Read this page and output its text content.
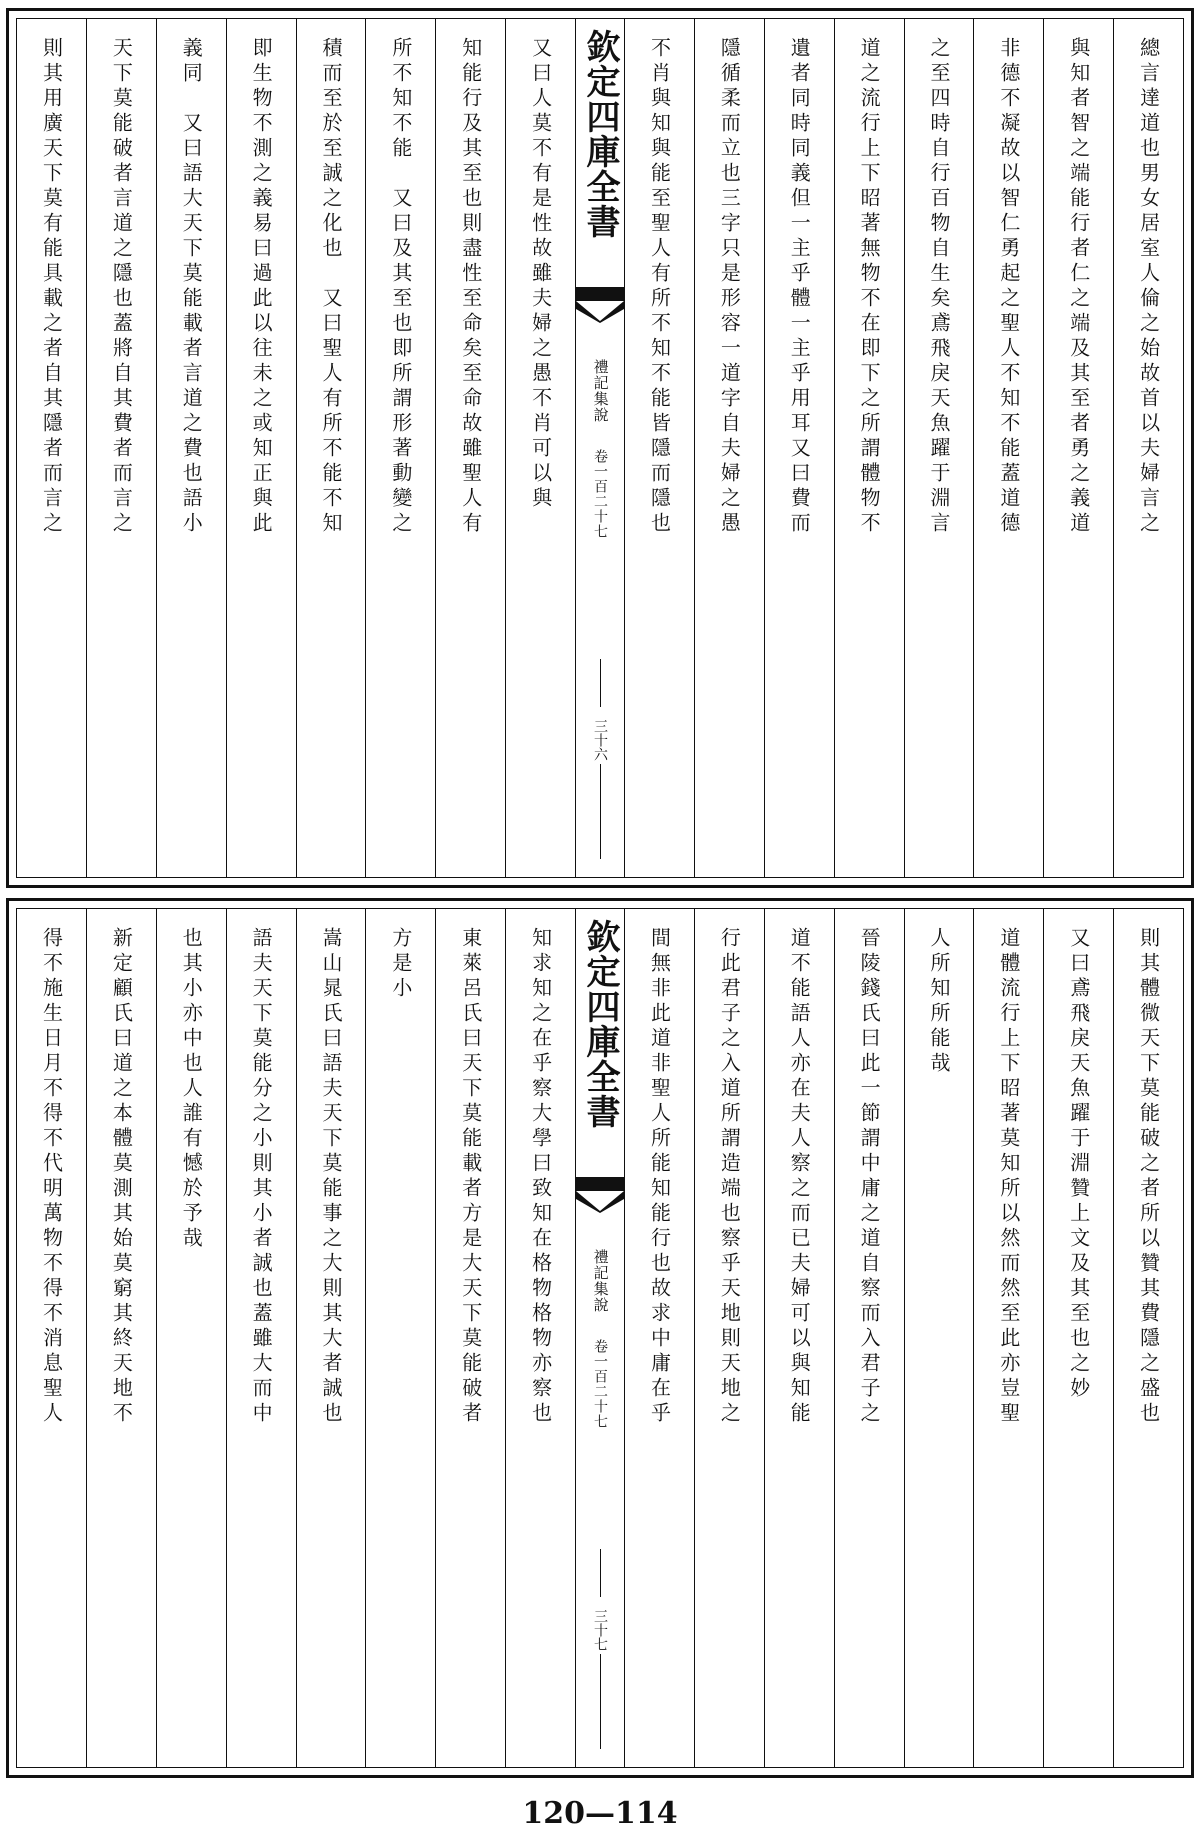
總言達道也男女居室人倫之始故首以夫婦言之
與知者智之端能行者仁之端及其至者勇之義道
非德不凝故以智仁勇起之聖人不知不能蓋道德
之至四時自行百物自生矣鳶飛戾天魚躍于淵言
道之流行上下昭著無物不在即下之所謂體物不
遺者同時同義但一主乎體一主乎用耳又曰費而
隱循柔而立也三字只是形容一道字自夫婦之愚
不肖與知與能至聖人有所不知不能皆隱而隱也
欽定四庫全書
禮記集說
卷一百二十七
三十六
又曰人莫不有是性故雖夫婦之愚不肖可以與
知能行及其至也則盡性至命矣至命故雖聖人有
所不知不能　又曰及其至也即所謂形著動變之
積而至於至誠之化也　又曰聖人有所不能不知
即生物不測之義易曰過此以往未之或知正與此
義同　又曰語大天下莫能載者言道之費也語小
天下莫能破者言道之隱也蓋將自其費者而言之
則其用廣天下莫有能具載之者自其隱者而言之
則其體微天下莫能破之者所以贊其費隱之盛也
又曰鳶飛戾天魚躍于淵贊上文及其至也之妙
道體流行上下昭著莫知所以然而然至此亦豈聖
人所知所能哉
晉陵錢氏曰此一節謂中庸之道自察而入君子之
道不能語人亦在夫人察之而已夫婦可以與知能
行此君子之入道所謂造端也察乎天地則天地之
間無非此道非聖人所能知能行也故求中庸在乎
欽定四庫全書
禮記集說
卷一百二十七
三十七
知求知之在乎察大學曰致知在格物格物亦察也
東萊呂氏曰天下莫能載者方是大天下莫能破者
方是小
嵩山晁氏曰語夫天下莫能事之大則其大者誠也
語夫天下莫能分之小則其小者誠也蓋雖大而中
也其小亦中也人誰有憾於予哉
新定顧氏曰道之本體莫測其始莫窮其終天地不
得不施生日月不得不代明萬物不得不消息聖人
120—114
